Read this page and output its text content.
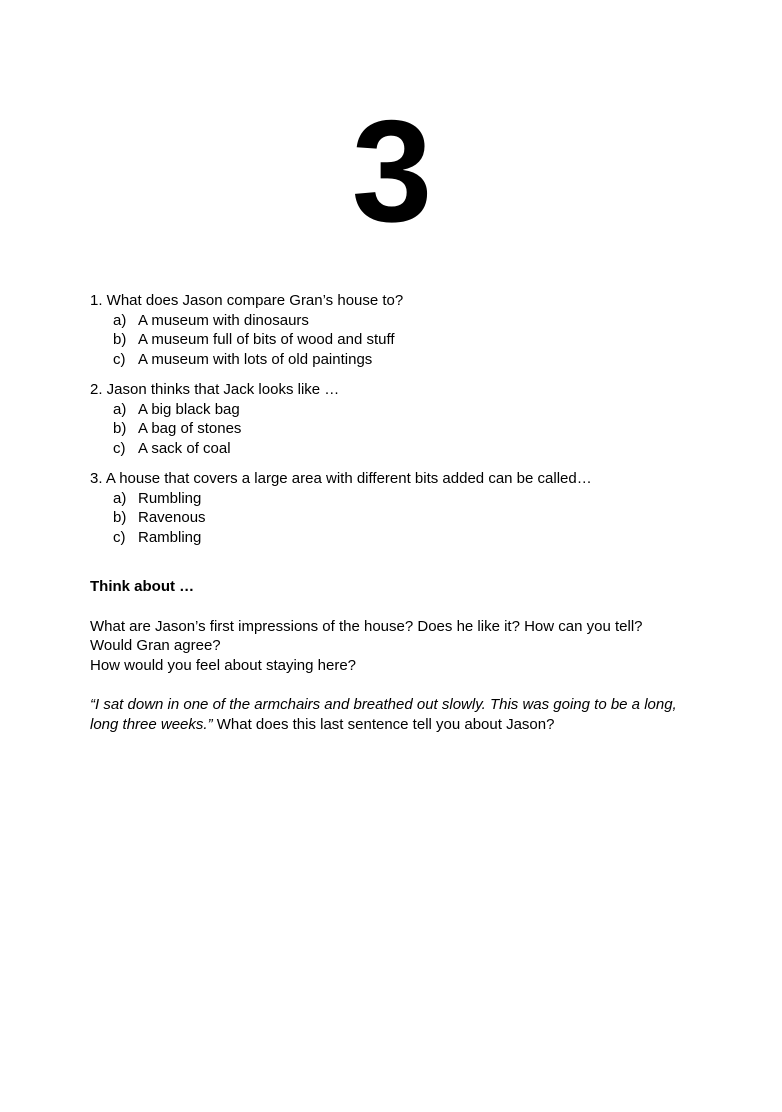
3
1. What does Jason compare Gran’s house to?
a) A museum with dinosaurs
b) A museum full of bits of wood and stuff
c) A museum with lots of old paintings
2. Jason thinks that Jack looks like …
a) A big black bag
b) A bag of stones
c) A sack of coal
3. A house that covers a large area with different bits added can be called…
a) Rumbling
b) Ravenous
c) Rambling
Think about …
What are Jason’s first impressions of the house? Does he like it? How can you tell?
Would Gran agree?
How would you feel about staying here?

“I sat down in one of the armchairs and breathed out slowly. This was going to be a long, long three weeks.” What does this last sentence tell you about Jason?
